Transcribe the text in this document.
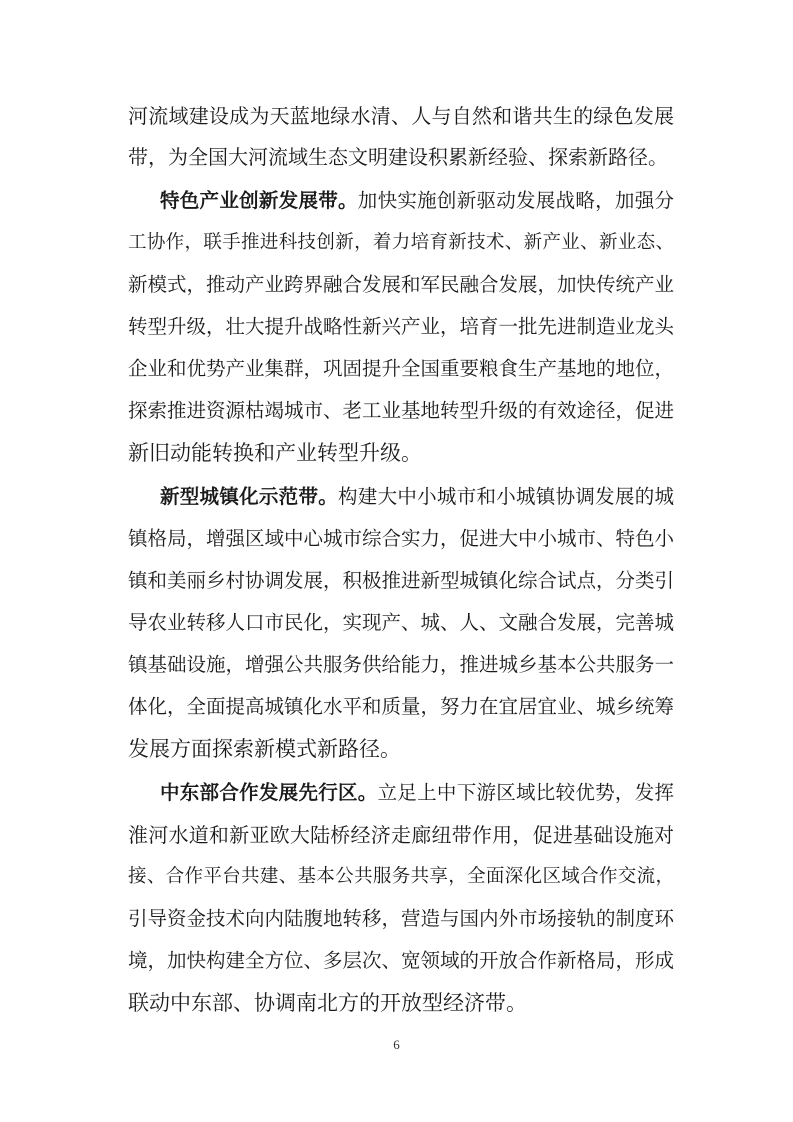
河流域建设成为天蓝地绿水清、人与自然和谐共生的绿色发展
带，为全国大河流域生态文明建设积累新经验、探索新路径。
特色产业创新发展带。加快实施创新驱动发展战略，加强分
工协作，联手推进科技创新，着力培育新技术、新产业、新业态、
新模式，推动产业跨界融合发展和军民融合发展，加快传统产业
转型升级，壮大提升战略性新兴产业，培育一批先进制造业龙头
企业和优势产业集群，巩固提升全国重要粮食生产基地的地位，
探索推进资源枯竭城市、老工业基地转型升级的有效途径，促进
新旧动能转换和产业转型升级。
新型城镇化示范带。构建大中小城市和小城镇协调发展的城
镇格局，增强区域中心城市综合实力，促进大中小城市、特色小
镇和美丽乡村协调发展，积极推进新型城镇化综合试点，分类引
导农业转移人口市民化，实现产、城、人、文融合发展，完善城
镇基础设施，增强公共服务供给能力，推进城乡基本公共服务一
体化，全面提高城镇化水平和质量，努力在宜居宜业、城乡统筹
发展方面探索新模式新路径。
中东部合作发展先行区。立足上中下游区域比较优势，发挥
淮河水道和新亚欧大陆桥经济走廊纽带作用，促进基础设施对
接、合作平台共建、基本公共服务共享，全面深化区域合作交流，
引导资金技术向内陆腹地转移，营造与国内外市场接轨的制度环
境，加快构建全方位、多层次、宽领域的开放合作新格局，形成
联动中东部、协调南北方的开放型经济带。
6
